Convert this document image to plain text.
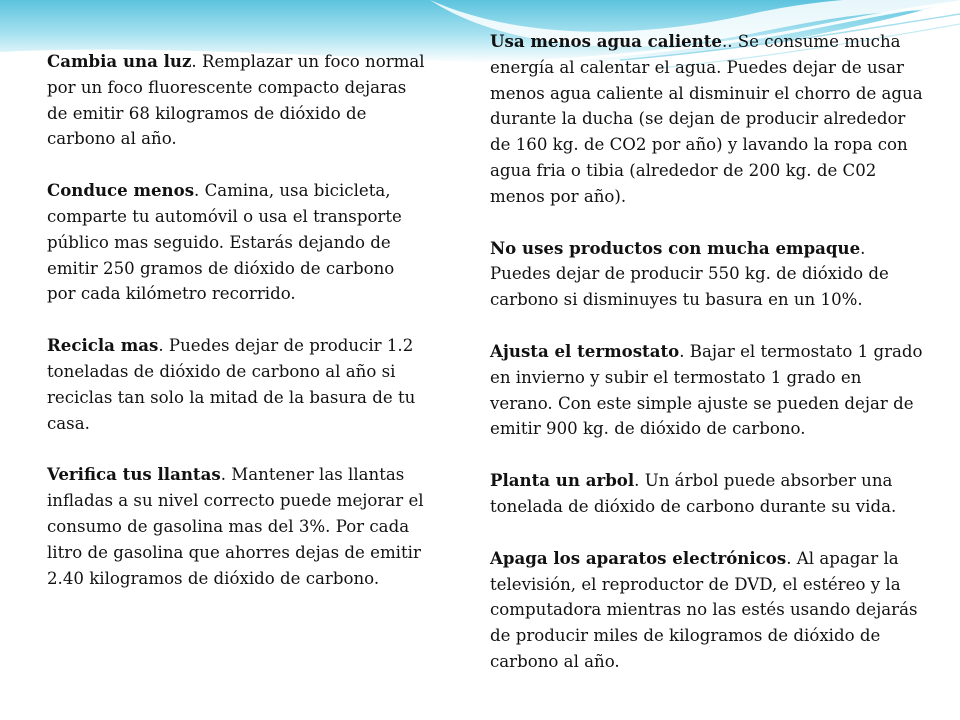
Cambia una luz. Remplazar un foco normal por un foco fluorescente compacto dejaras de emitir 68 kilogramos de dióxido de carbono al año.

Conduce menos. Camina, usa bicicleta, comparte tu automóvil o usa el transporte público mas seguido. Estarás dejando de emitir 250 gramos de dióxido de carbono por cada kilómetro recorrido.

Recicla mas. Puedes dejar de producir 1.2 toneladas de dióxido de carbono al año si reciclas tan solo la mitad de la basura de tu casa.

Verifica tus llantas. Mantener las llantas infladas a su nivel correcto puede mejorar el consumo de gasolina mas del 3%. Por cada litro de gasolina que ahorres dejas de emitir 2.40 kilogramos de dióxido de carbono.

Usa menos agua caliente.. Se consume mucha energía al calentar el agua. Puedes dejar de usar menos agua caliente al disminuir el chorro de agua durante la ducha (se dejan de producir alrededor de 160 kg. de CO2 por año) y lavando la ropa con agua fria o tibia (alrededor de 200 kg. de C02 menos por año).

No uses productos con mucha empaque. Puedes dejar de producir 550 kg. de dióxido de carbono si disminuyes tu basura en un 10%.

Ajusta el termostato. Bajar el termostato 1 grado en invierno y subir el termostato 1 grado en verano. Con este simple ajuste se pueden dejar de emitir 900 kg. de dióxido de carbono.

Planta un arbol. Un árbol puede absorber una tonelada de dióxido de carbono durante su vida.

Apaga los aparatos electrónicos. Al apagar la televisión, el reproductor de DVD, el estéreo y la computadora mientras no las estés usando dejarás de producir miles de kilogramos de dióxido de carbono al año.
